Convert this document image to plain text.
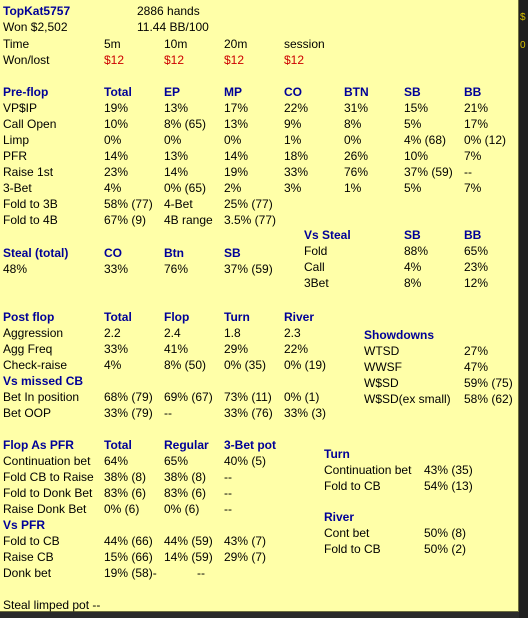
$
0
TopKat5757	2886 hands
Won $2,502	11.44 BB/100
Time	5m	10m	20m	session
Won/lost	$12	$12	$12	$12
Pre-flop	Total	EP	MP	CO	BTN	SB	BB
VP$IP	19%	13%	17%	22%	31%	15%	21%
Call Open	10%	8% (65) 13%	9%	8%	5%	17%
Limp	0%	0%	0%	1%	0%	4% (68) 0% (12)
PFR	14%	13%	14%	18%	26%	10%	7%
Raise 1st	23%	14%	19%	33%	76%	37% (59) --
3-Bet	4%	0% (65) 2%	3%	1%	5%	7%
Fold to 3B	58% (77) 4-Bet	25% (77)
Fold to 4B	67% (9) 4B range 3.5% (77)
Vs Steal	SB	BB
Fold	88%	65%
Call	4%	23%
3Bet	8%	12%
Steal (total)	CO	Btn	SB
48%	33%	76%	37% (59)
Post flop	Total	Flop	Turn	River
Aggression	2.2	2.4	1.8	2.3
Agg Freq	33%	41%	29%	22%
Check-raise	4%	8% (50) 0% (35) 0% (19)
Vs missed CB
Bet In position 68% (79) 69% (67) 73% (11) 0% (1)
Bet OOP	33% (79) --	33% (76) 33% (3)
Showdowns
WTSD	27%
WWSF	47%
W$SD	59% (75)
W$SD(ex small) 58% (62)
Flop As PFR	Total	Regular 3-Bet pot
Continuation bet 64%	65%	40% (5)
Fold CB to Raise 38% (8) 38% (8) --
Fold to Donk Bet 83% (6) 83% (6) --
Raise Donk Bet 0% (6) 0% (6) --
Vs PFR
Fold to CB	44% (66) 44% (59) 43% (7)
Raise CB	15% (66) 14% (59) 29% (7)
Donk bet	19% (58)-	--
Turn
Continuation bet 43% (35)
Fold to CB	54% (13)
River
Cont bet	50% (8)
Fold to CB	50% (2)
Steal limped pot --
